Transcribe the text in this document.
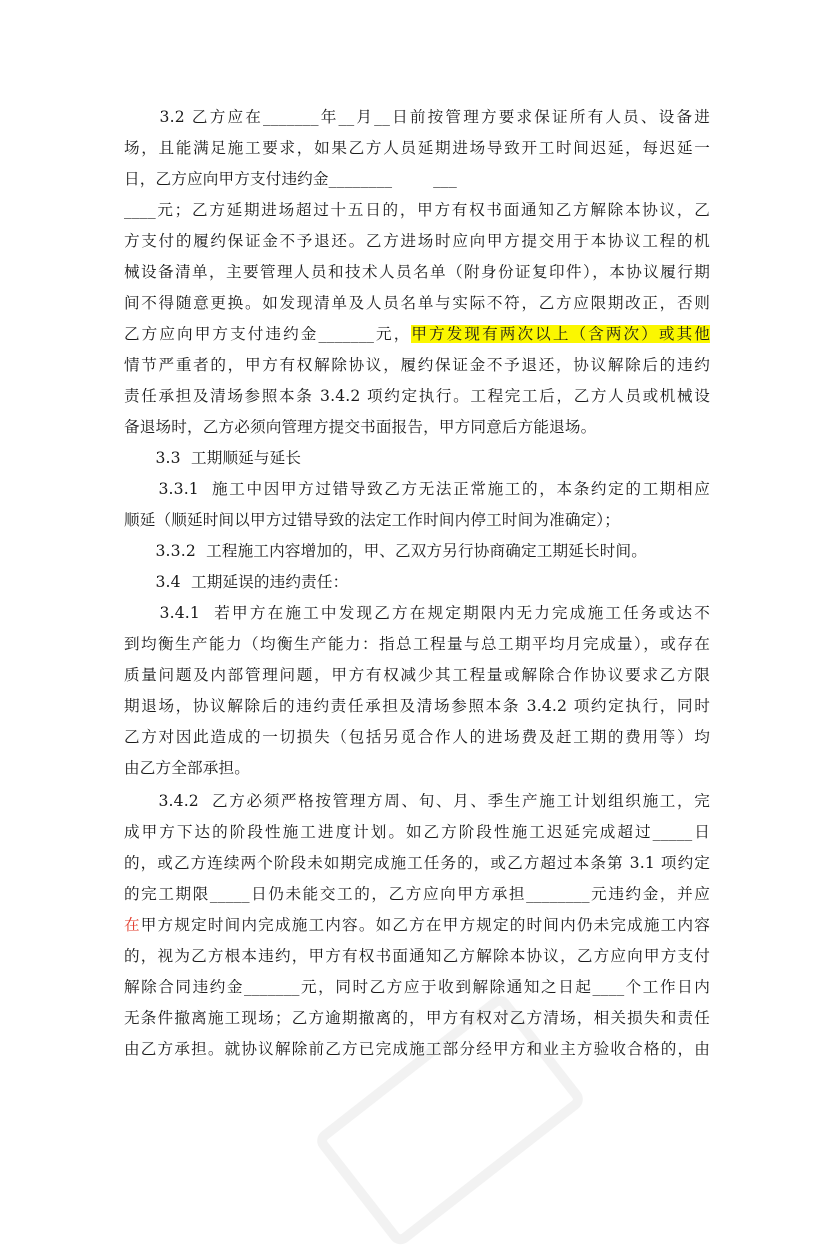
　　3.2 乙方应在_______年__月__日前按管理方要求保证所有人员、设备进
场，且能满足施工要求，如果乙方人员延期进场导致开工时间迟延，每迟延一
日，乙方应向甲方支付违约金________        ___
____元；乙方延期进场超过十五日的，甲方有权书面通知乙方解除本协议，乙
方支付的履约保证金不予退还。乙方进场时应向甲方提交用于本协议工程的机
械设备清单，主要管理人员和技术人员名单（附身份证复印件），本协议履行期
间不得随意更换。如发现清单及人员名单与实际不符，乙方应限期改正，否则
乙方应向甲方支付违约金_______元，甲方发现有两次以上（含两次）或其他
情节严重者的，甲方有权解除协议，履约保证金不予退还，协议解除后的违约
责任承担及清场参照本条 3.4.2 项约定执行。工程完工后，乙方人员或机械设
备退场时，乙方必须向管理方提交书面报告，甲方同意后方能退场。

　　3.3  工期顺延与延长

　　3.3.1  施工中因甲方过错导致乙方无法正常施工的，本条约定的工期相应
顺延（顺延时间以甲方过错导致的法定工作时间内停工时间为准确定）；

　　3.3.2  工程施工内容增加的，甲、乙双方另行协商确定工期延长时间。

　　3.4  工期延误的违约责任：

　　3.4.1  若甲方在施工中发现乙方在规定期限内无力完成施工任务或达不
到均衡生产能力（均衡生产能力：指总工程量与总工期平均月完成量），或存在
质量问题及内部管理问题，甲方有权减少其工程量或解除合作协议要求乙方限
期退场，协议解除后的违约责任承担及清场参照本条 3.4.2 项约定执行，同时
乙方对因此造成的一切损失（包括另觅合作人的进场费及赶工期的费用等）均
由乙方全部承担。

　　3.4.2  乙方必须严格按管理方周、旬、月、季生产施工计划组织施工，完
成甲方下达的阶段性施工进度计划。如乙方阶段性施工迟延完成超过_____日
的，或乙方连续两个阶段未如期完成施工任务的，或乙方超过本条第 3.1 项约定
的完工期限_____日仍未能交工的，乙方应向甲方承担________元违约金，并应
在甲方规定时间内完成施工内容。如乙方在甲方规定的时间内仍未完成施工内容
的，视为乙方根本违约，甲方有权书面通知乙方解除本协议，乙方应向甲方支付
解除合同违约金_______元，同时乙方应于收到解除通知之日起____个工作日内
无条件撤离施工现场；乙方逾期撤离的，甲方有权对乙方清场，相关损失和责任
由乙方承担。就协议解除前乙方已完成施工部分经甲方和业主方验收合格的，由
